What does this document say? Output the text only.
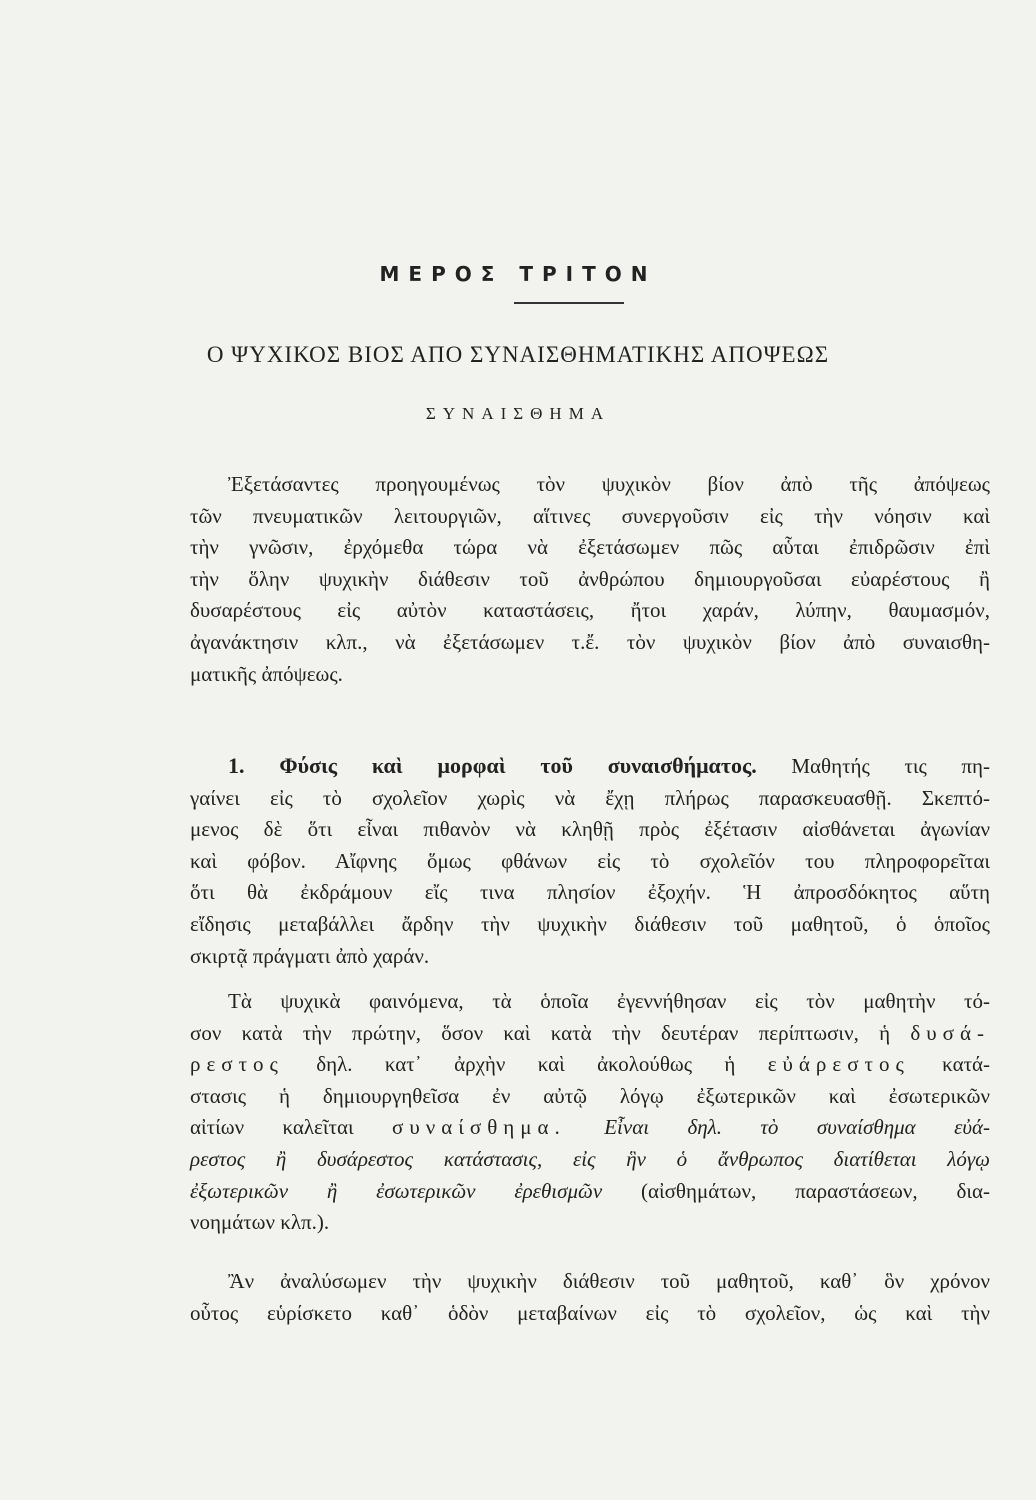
ΜΕΡΟΣ ΤΡΙΤΟΝ
Ο ΨΥΧΙΚΟΣ ΒΙΟΣ ΑΠΟ ΣΥΝΑΙΣΘΗΜΑΤΙΚΗΣ ΑΠΟΨΕΩΣ
ΣΥΝΑΙΣΘΗΜΑ
Ἐξετάσαντες προηγουμένως τὸν ψυχικὸν βίον ἀπὸ τῆς ἀπόψεως
τῶν πνευματικῶν λειτουργιῶν, αἵτινες συνεργοῦσιν εἰς τὴν νόησιν καὶ
τὴν γνῶσιν, ἐρχόμεθα τώρα νὰ ἐξετάσωμεν πῶς αὗται ἐπιδρῶσιν ἐπὶ
τὴν ὅλην ψυχικὴν διάθεσιν τοῦ ἀνθρώπου δημιουργοῦσαι εὐαρέστους ἢ
δυσαρέστους εἰς αὐτὸν καταστάσεις, ἤτοι χαράν, λύπην, θαυμασμόν,
ἀγανάκτησιν κλπ., νὰ ἐξετάσωμεν τ.ἔ. τὸν ψυχικὸν βίον ἀπὸ συναισθη-
ματικῆς ἀπόψεως.
1. Φύσις καὶ μορφαὶ τοῦ συναισθήματος. Μαθητής τις πη-
γαίνει εἰς τὸ σχολεῖον χωρὶς νὰ ἔχῃ πλήρως παρασκευασθῇ. Σκεπτό-
μενος δὲ ὅτι εἶναι πιθανὸν νὰ κληθῇ πρὸς ἐξέτασιν αἰσθάνεται ἀγωνίαν
καὶ φόβον. Αἴφνης ὅμως φθάνων εἰς τὸ σχολεῖόν του πληροφορεῖται
ὅτι θὰ ἐκδράμουν εἴς τινα πλησίον ἐξοχήν. Ἡ ἀπροσδόκητος αὕτη
εἴδησις μεταβάλλει ἄρδην τὴν ψυχικὴν διάθεσιν τοῦ μαθητοῦ, ὁ ὁποῖος
σκιρτᾷ πράγματι ἀπὸ χαράν.
Τὰ ψυχικὰ φαινόμενα, τὰ ὁποῖα ἐγεννήθησαν εἰς τὸν μαθητὴν τό-
σον κατὰ τὴν πρώτην, ὅσον καὶ κατὰ τὴν δευτέραν περίπτωσιν, ἡ δυσά-
ρεστος δηλ. κατ᾿ ἀρχὴν καὶ ἀκολούθως ἡ εὐάρεστος κατά-
στασις ἡ δημιουργηθεῖσα ἐν αὐτῷ λόγῳ ἐξωτερικῶν καὶ ἐσωτερικῶν
αἰτίων καλεῖται συναίσθημα. Εἶναι δηλ. τὸ συναίσθημα εὐά-
ρεστος ἢ δυσάρεστος κατάστασις, εἰς ἣν ὁ ἄνθρωπος διατίθεται λόγῳ
ἐξωτερικῶν ἢ ἐσωτερικῶν ἐρεθισμῶν (αἰσθημάτων, παραστάσεων, δια-
νοημάτων κλπ.).
Ἂν ἀναλύσωμεν τὴν ψυχικὴν διάθεσιν τοῦ μαθητοῦ, καθ᾿ ὃν χρόνον
οὗτος εὑρίσκετο καθ᾿ ὁδὸν μεταβαίνων εἰς τὸ σχολεῖον, ὡς καὶ τὴν
